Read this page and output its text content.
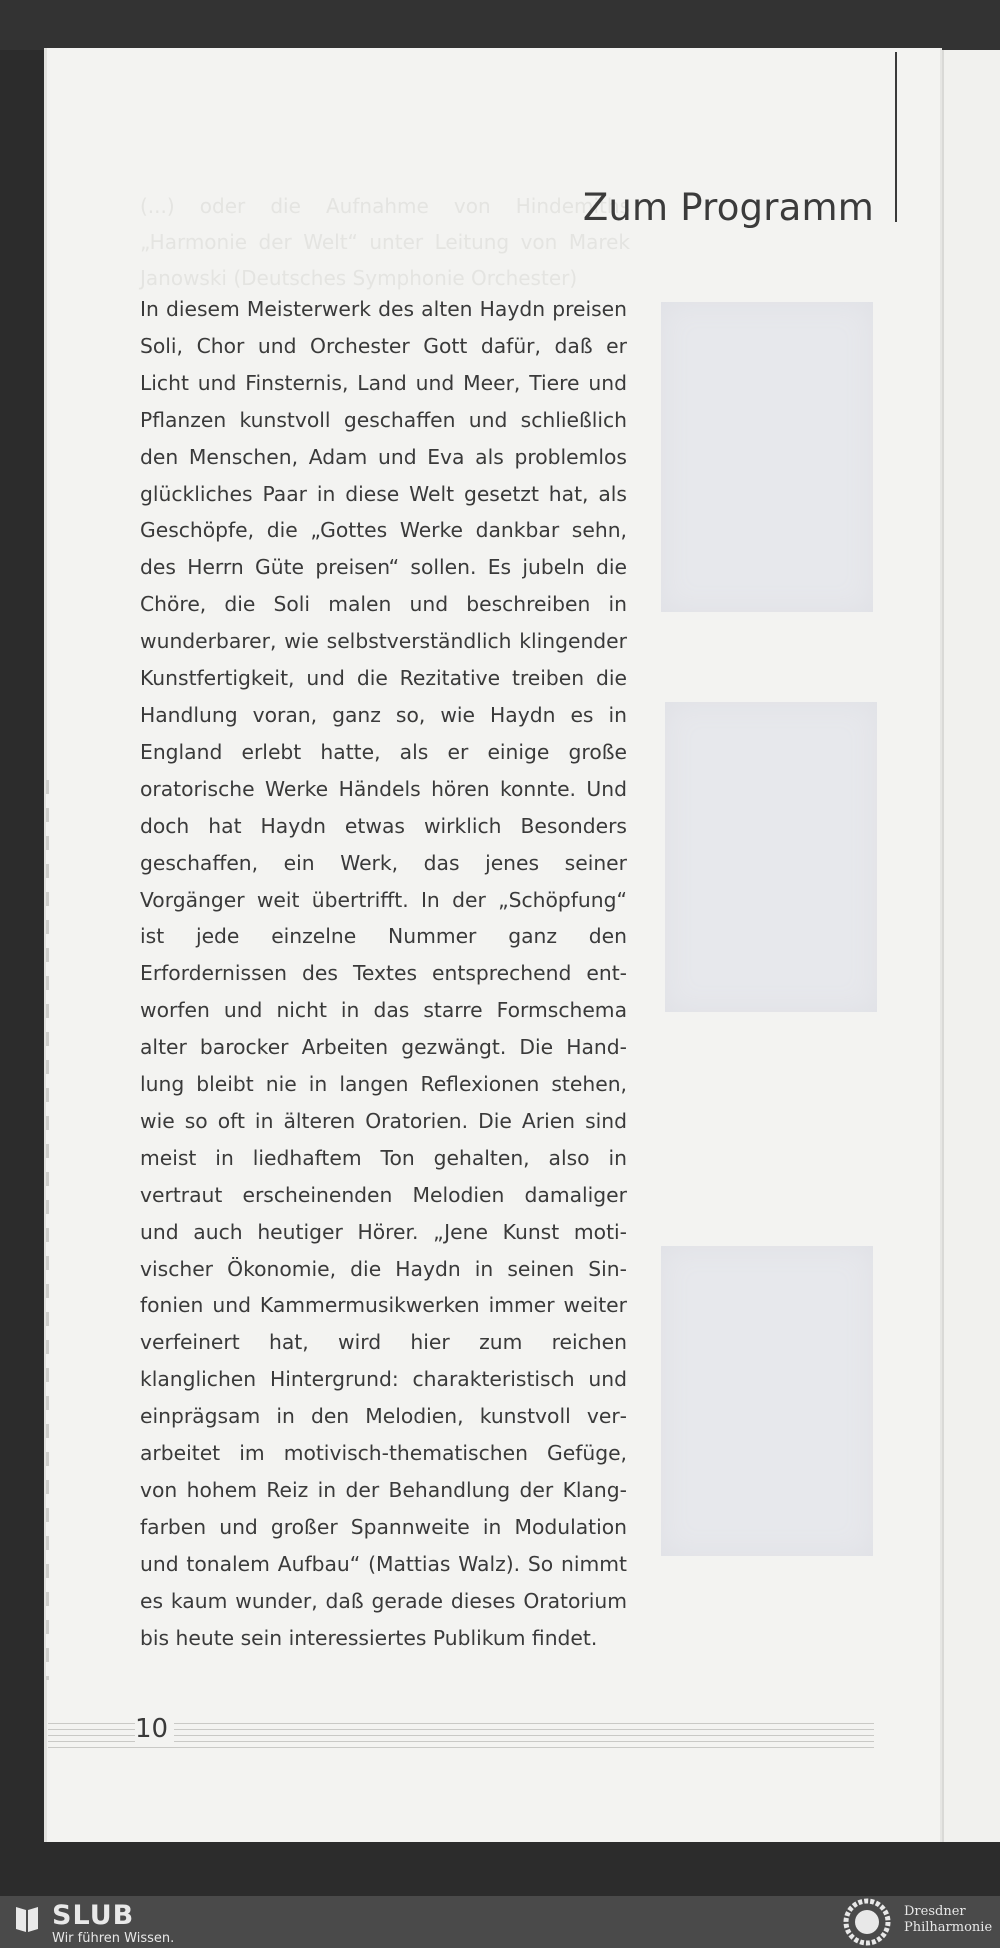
(...) oder die Aufnahme von Hindemiths „Harmonie der Welt“ unter Leitung von Marek Janowski (Deutsches Symphonie Orchester)
Zum Programm

In diesem Meisterwerk des alten Haydn preisen Soli, Chor und Orchester Gott dafür, daß er Licht und Finsternis, Land und Meer, Tiere und Pflanzen kunstvoll geschaffen und schließlich den Menschen, Adam und Eva als problemlos glückliches Paar in diese Welt gesetzt hat, als Geschöpfe, die „Gottes Werke dankbar sehn, des Herrn Güte preisen“ sollen. Es jubeln die Chöre, die Soli malen und beschreiben in wunderbarer, wie selbstverständlich klingender Kunstfertigkeit, und die Rezitative treiben die Handlung voran, ganz so, wie Haydn es in England erlebt hatte, als er einige große oratorische Werke Händels hören konnte. Und doch hat Haydn etwas wirklich Besonders geschaffen, ein Werk, das jenes seiner Vorgänger weit übertrifft. In der „Schöpfung“ ist jede einzelne Nummer ganz den Erfordernissen des Textes entsprechend entworfen und nicht in das starre Formschema alter barocker Arbeiten gezwängt. Die Handlung bleibt nie in langen Reflexionen stehen, wie so oft in älteren Oratorien. Die Arien sind meist in liedhaftem Ton gehalten, also in vertraut erscheinenden Melodien damaliger und auch heutiger Hörer. „Jene Kunst motivischer Ökonomie, die Haydn in seinen Sinfonien und Kammermusikwerken immer weiter verfeinert hat, wird hier zum reichen klanglichen Hintergrund: charakteristisch und einprägsam in den Melodien, kunstvoll verarbeitet im motivisch-thematischen Gefüge, von hohem Reiz in der Behandlung der Klangfarben und großer Spannweite in Modulation und tonalem Aufbau“ (Mattias Walz). So nimmt es kaum wunder, daß gerade dieses Oratorium bis heute sein interessiertes Publikum findet.

10

SLUB
Wir führen Wissen.
Dresdner
Philharmonie
